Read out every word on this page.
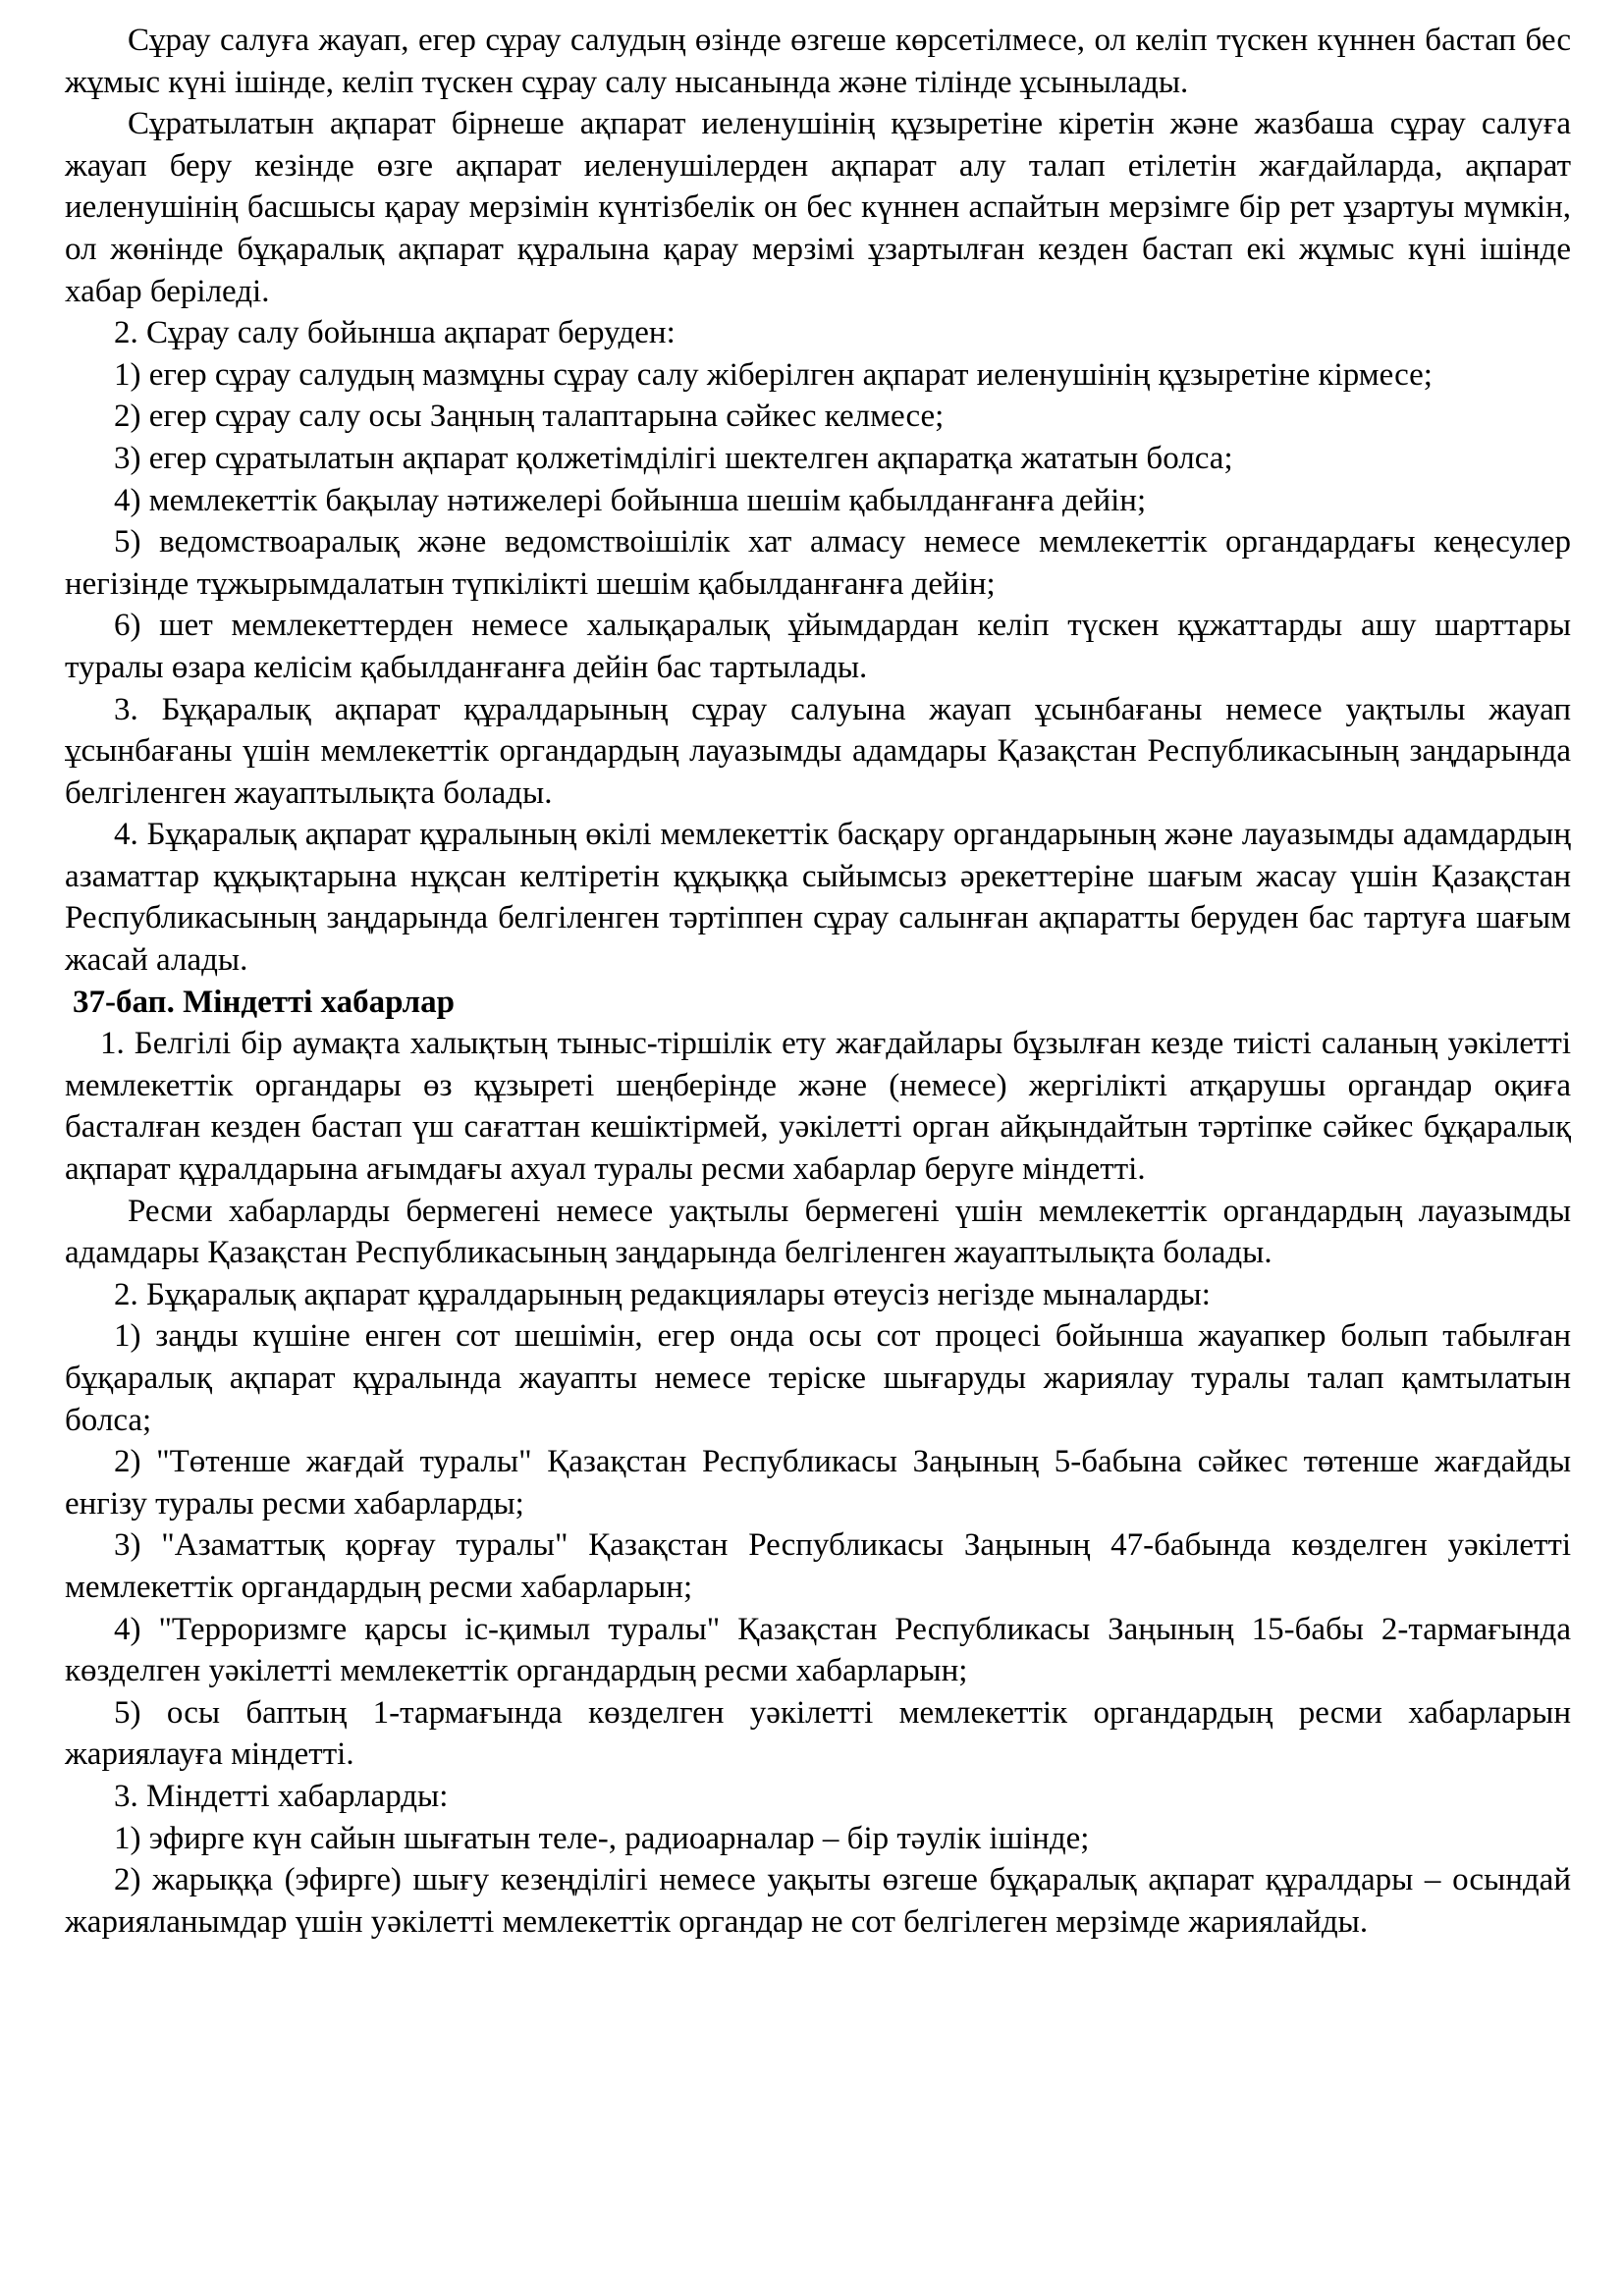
Сұрау салуға жауап, егер сұрау салудың өзінде өзгеше көрсетілмесе, ол келіп түскен күннен бастап бес жұмыс күні ішінде, келіп түскен сұрау салу нысанында және тілінде ұсынылады.

Сұратылатын ақпарат бірнеше ақпарат иеленушінің құзыретіне кіретін және жазбаша сұрау салуға жауап беру кезінде өзге ақпарат иеленушілерден ақпарат алу талап етілетін жағдайларда, ақпарат иеленушінің басшысы қарау мерзімін күнтізбелік он бес күннен аспайтын мерзімге бір рет ұзартуы мүмкін, ол жөнінде бұқаралық ақпарат құралына қарау мерзімі ұзартылған кезден бастап екі жұмыс күні ішінде хабар беріледі.

2. Сұрау салу бойынша ақпарат беруден:

1) егер сұрау салудың мазмұны сұрау салу жіберілген ақпарат иеленушінің құзыретіне кірмесе;

2) егер сұрау салу осы Заңның талаптарына сәйкес келмесе;

3) егер сұратылатын ақпарат қолжетімділігі шектелген ақпаратқа жататын болса;

4) мемлекеттік бақылау нәтижелері бойынша шешім қабылданғанға дейін;

5) ведомствоаралық және ведомствоішілік хат алмасу немесе мемлекеттік органдардағы кеңесулер негізінде тұжырымдалатын түпкілікті шешім қабылданғанға дейін;

6) шет мемлекеттерден немесе халықаралық ұйымдардан келіп түскен құжаттарды ашу шарттары туралы өзара келісім қабылданғанға дейін бас тартылады.

3. Бұқаралық ақпарат құралдарының сұрау салуына жауап ұсынбағаны немесе уақтылы жауап ұсынбағаны үшін мемлекеттік органдардың лауазымды адамдары Қазақстан Республикасының заңдарында белгіленген жауаптылықта болады.

4. Бұқаралық ақпарат құралының өкілі мемлекеттік басқару органдарының және лауазымды адамдардың азаматтар құқықтарына нұқсан келтіретін құқыққа сыйымсыз әрекеттеріне шағым жасау үшін Қазақстан Республикасының заңдарында белгіленген тәртіппен сұрау салынған ақпаратты беруден бас тартуға шағым жасай алады.

37-бап. Міндетті хабарлар

1. Белгілі бір аумақта халықтың тыныс-тіршілік ету жағдайлары бұзылған кезде тиісті саланың уәкілетті мемлекеттік органдары өз құзыреті шеңберінде және (немесе) жергілікті атқарушы органдар оқиға басталған кезден бастап үш сағаттан кешіктірмей, уәкілетті орган айқындайтын тәртіпке сәйкес бұқаралық ақпарат құралдарына ағымдағы ахуал туралы ресми хабарлар беруге міндетті.

Ресми хабарларды бермегені немесе уақтылы бермегені үшін мемлекеттік органдардың лауазымды адамдары Қазақстан Республикасының заңдарында белгіленген жауаптылықта болады.

2. Бұқаралық ақпарат құралдарының редакциялары өтеусіз негізде мыналарды:

1) заңды күшіне енген сот шешімін, егер онда осы сот процесі бойынша жауапкер болып табылған бұқаралық ақпарат құралында жауапты немесе теріске шығаруды жариялау туралы талап қамтылатын болса;

2) "Төтенше жағдай туралы" Қазақстан Республикасы Заңының 5-бабына сәйкес төтенше жағдайды енгізу туралы ресми хабарларды;

3) "Азаматтық қорғау туралы" Қазақстан Республикасы Заңының 47-бабында көзделген уәкілетті мемлекеттік органдардың ресми хабарларын;

4) "Терроризмге қарсы іс-қимыл туралы" Қазақстан Республикасы Заңының 15-бабы 2-тармағында көзделген уәкілетті мемлекеттік органдардың ресми хабарларын;

5) осы баптың 1-тармағында көзделген уәкілетті мемлекеттік органдардың ресми хабарларын жариялауға міндетті.

3. Міндетті хабарларды:

1) эфирге күн сайын шығатын теле-, радиоарналар – бір тәулік ішінде;

2) жарыққа (эфирге) шығу кезеңділігі немесе уақыты өзгеше бұқаралық ақпарат құралдары – осындай жарияланымдар үшін уәкілетті мемлекеттік органдар не сот белгілеген мерзімде жариялайды.
